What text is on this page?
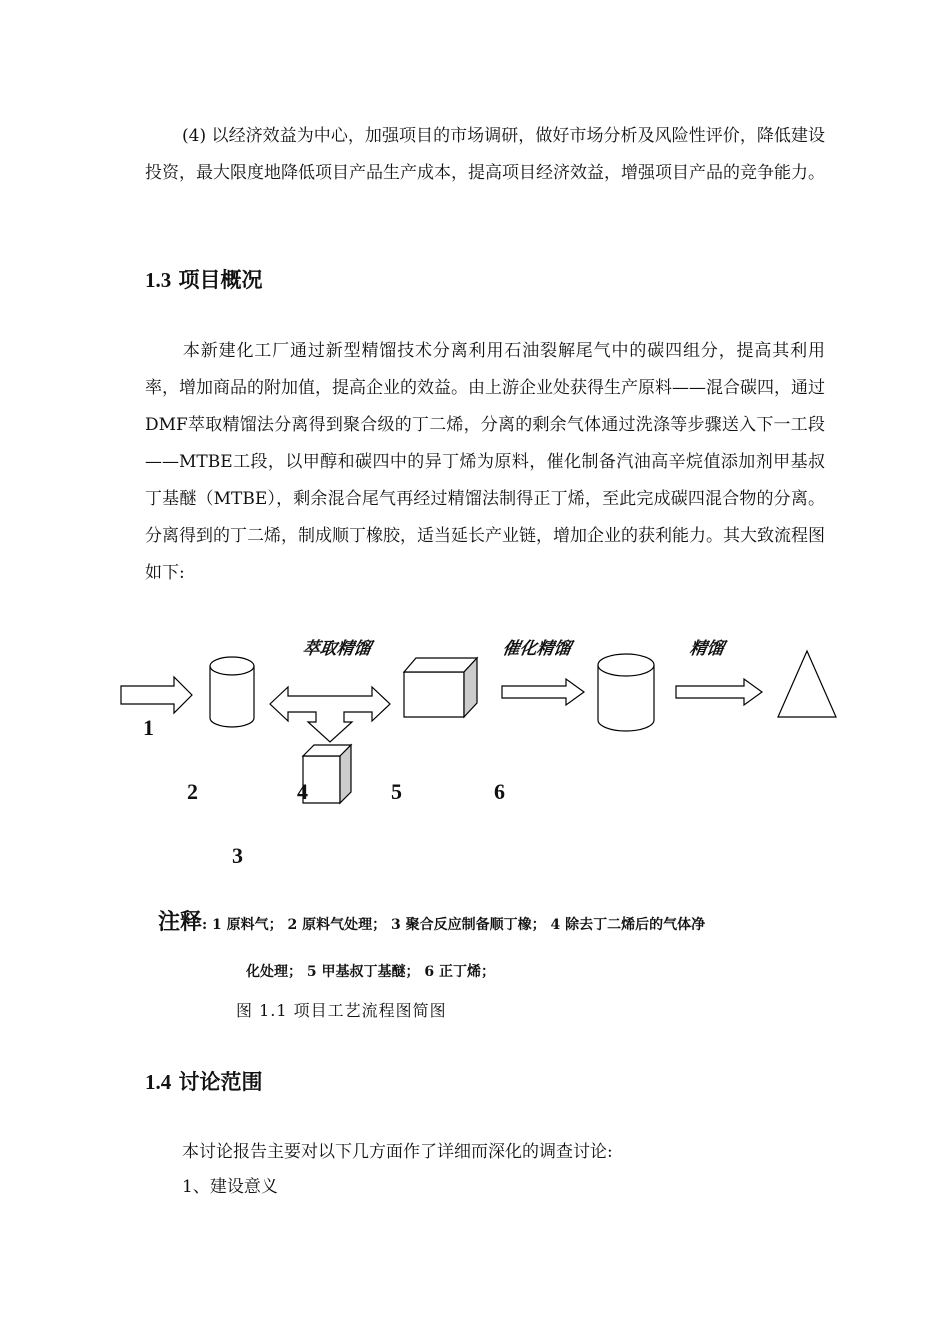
(4) 以经济效益为中心，加强项目的市场调研，做好市场分析及风险性评价，降低建设投资，最大限度地降低项目产品生产成本，提高项目经济效益，增强项目产品的竞争能力。

1.3 项目概况

本新建化工厂通过新型精馏技术分离利用石油裂解尾气中的碳四组分，提高其利用率，增加商品的附加值，提高企业的效益。由上游企业处获得生产原料——混合碳四，通过DMF萃取精馏法分离得到聚合级的丁二烯，分离的剩余气体通过洗涤等步骤送入下一工段——MTBE工段，以甲醇和碳四中的异丁烯为原料，催化制备汽油高辛烷值添加剂甲基叔丁基醚（MTBE），剩余混合尾气再经过精馏法制得正丁烯，至此完成碳四混合物的分离。分离得到的丁二烯，制成顺丁橡胶，适当延长产业链，增加企业的获利能力。其大致流程图如下:

萃取精馏	催化精馏	精馏
1
2
3
4	5	6
注释: 1 原料气； 2 原料气处理； 3 聚合反应制备顺丁橡； 4 除去丁二烯后的气体净
化处理； 5 甲基叔丁基醚； 6 正丁烯；
图 1.1 项目工艺流程图简图
1.4 讨论范围

本讨论报告主要对以下几方面作了详细而深化的调查讨论:

1、建设意义
